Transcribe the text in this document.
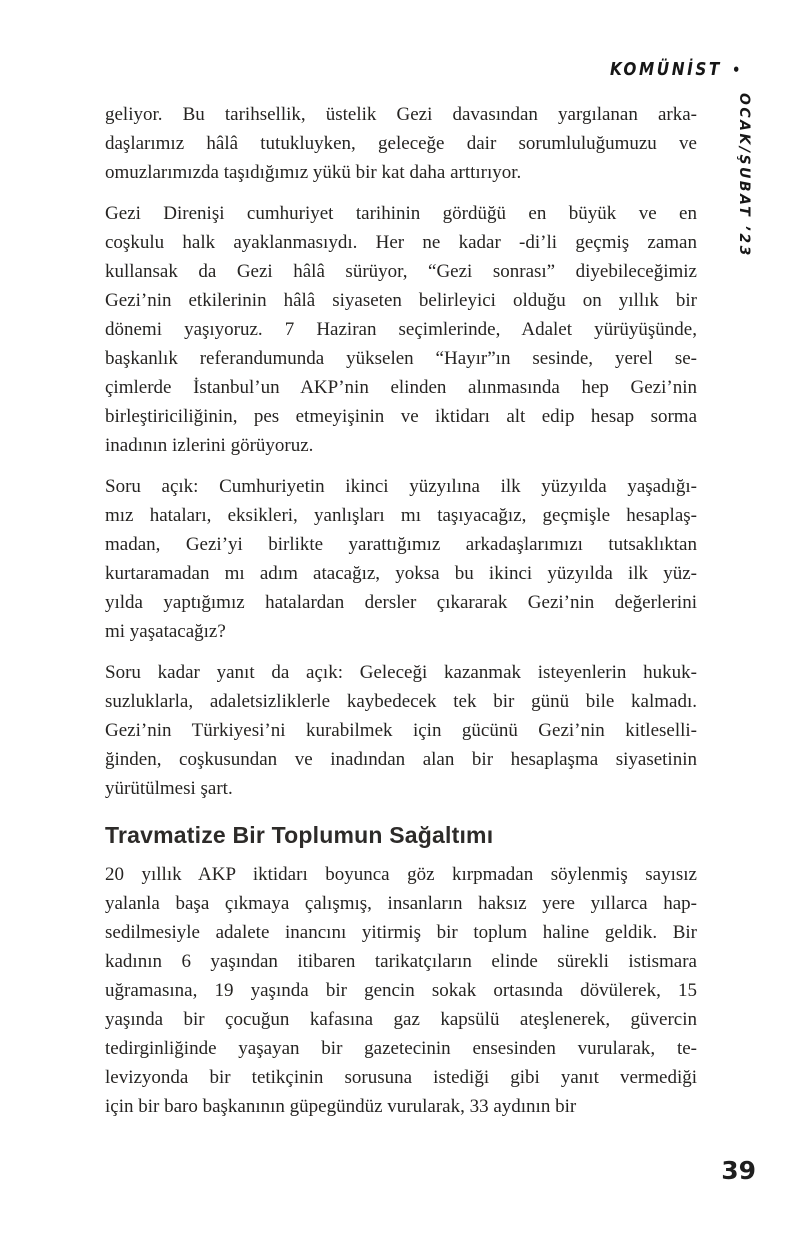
KOMÜNİST •
OCAK/ŞUBAT ’23

geliyor. Bu tarihsellik, üstelik Gezi davasından yargılanan arka-
daşlarımız hâlâ tutukluyken, geleceğe dair sorumluluğumuzu ve
omuzlarımızda taşıdığımız yükü bir kat daha arttırıyor.

Gezi Direnişi cumhuriyet tarihinin gördüğü en büyük ve en
coşkulu halk ayaklanmasıydı. Her ne kadar -di’li geçmiş zaman
kullansak da Gezi hâlâ sürüyor, “Gezi sonrası” diyebileceğimiz
Gezi’nin etkilerinin hâlâ siyaseten belirleyici olduğu on yıllık bir
dönemi yaşıyoruz. 7 Haziran seçimlerinde, Adalet yürüyüşünde,
başkanlık referandumunda yükselen “Hayır”ın sesinde, yerel se-
çimlerde İstanbul’un AKP’nin elinden alınmasında hep Gezi’nin
birleştiriciliğinin, pes etmeyişinin ve iktidarı alt edip hesap sorma
inadının izlerini görüyoruz.

Soru açık: Cumhuriyetin ikinci yüzyılına ilk yüzyılda yaşadığı-
mız hataları, eksikleri, yanlışları mı taşıyacağız, geçmişle hesaplaş-
madan, Gezi’yi birlikte yarattığımız arkadaşlarımızı tutsaklıktan
kurtaramadan mı adım atacağız, yoksa bu ikinci yüzyılda ilk yüz-
yılda yaptığımız hatalardan dersler çıkararak Gezi’nin değerlerini
mi yaşatacağız?

Soru kadar yanıt da açık: Geleceği kazanmak isteyenlerin hukuk-
suzluklarla, adaletsizliklerle kaybedecek tek bir günü bile kalmadı.
Gezi’nin Türkiyesi’ni kurabilmek için gücünü Gezi’nin kitleselli-
ğinden, coşkusundan ve inadından alan bir hesaplaşma siyasetinin
yürütülmesi şart.

Travmatize Bir Toplumun Sağaltımı

20 yıllık AKP iktidarı boyunca göz kırpmadan söylenmiş sayısız
yalanla başa çıkmaya çalışmış, insanların haksız yere yıllarca hap-
sedilmesiyle adalete inancını yitirmiş bir toplum haline geldik. Bir
kadının 6 yaşından itibaren tarikatçıların elinde sürekli istismara
uğramasına, 19 yaşında bir gencin sokak ortasında dövülerek, 15
yaşında bir çocuğun kafasına gaz kapsülü ateşlenerek, güvercin
tedirginliğinde yaşayan bir gazetecinin ensesinden vurularak, te-
levizyonda bir tetikçinin sorusuna istediği gibi yanıt vermediği
için bir baro başkanının güpegündüz vurularak, 33 aydının bir

39
